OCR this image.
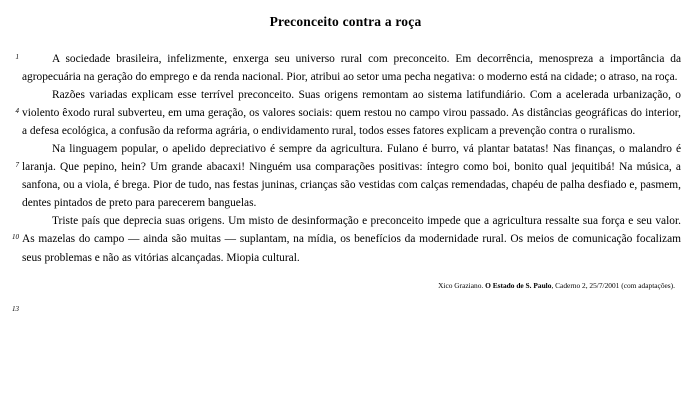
Preconceito contra a roça
1
4
7
10
13

A sociedade brasileira, infelizmente, enxerga seu universo rural com preconceito. Em decorrência, menospreza a importância da agropecuária na geração do emprego e da renda nacional. Pior, atribui ao setor uma pecha negativa: o moderno está na cidade; o atraso, na roça.

Razões variadas explicam esse terrível preconceito. Suas origens remontam ao sistema latifundiário. Com a acelerada urbanização, o violento êxodo rural subverteu, em uma geração, os valores sociais: quem restou no campo virou passado. As distâncias geográficas do interior, a defesa ecológica, a confusão da reforma agrária, o endividamento rural, todos esses fatores explicam a prevenção contra o ruralismo.

Na linguagem popular, o apelido depreciativo é sempre da agricultura. Fulano é burro, vá plantar batatas! Nas finanças, o malandro é laranja. Que pepino, hein? Um grande abacaxi! Ninguém usa comparações positivas: íntegro como boi, bonito qual jequitibá! Na música, a sanfona, ou a viola, é brega. Pior de tudo, nas festas juninas, crianças são vestidas com calças remendadas, chapéu de palha desfiado e, pasmem, dentes pintados de preto para parecerem banguelas.

Triste país que deprecia suas origens. Um misto de desinformação e preconceito impede que a agricultura ressalte sua força e seu valor. As mazelas do campo — ainda são muitas — suplantam, na mídia, os benefícios da modernidade rural. Os meios de comunicação focalizam seus problemas e não as vitórias alcançadas. Miopia cultural.

Xico Graziano. O Estado de S. Paulo, Caderno 2, 25/7/2001 (com adaptações).
